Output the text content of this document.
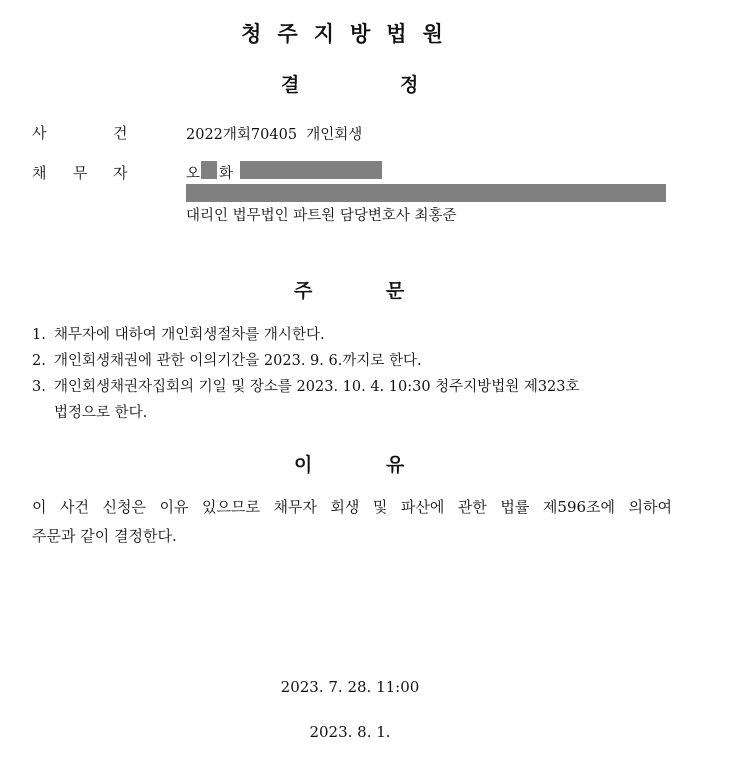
청주지방법원
결	정
사	건	2022개회70405  개인회생
채 무 자	오 화
대리인 법무법인 파트원 담당변호사 최홍준
주	문
1. 채무자에 대하여 개인회생절차를 개시한다.
2. 개인회생채권에 관한 이의기간을 2023. 9. 6.까지로 한다.
3. 개인회생채권자집회의 기일 및 장소를 2023. 10. 4. 10:30 청주지방법원 제323호
법정으로 한다.
이	유
이 사건 신청은 이유 있으므로 채무자 회생 및 파산에 관한 법률 제596조에 의하여
주문과 같이 결정한다.
2023. 7. 28. 11:00
2023. 8. 1.
